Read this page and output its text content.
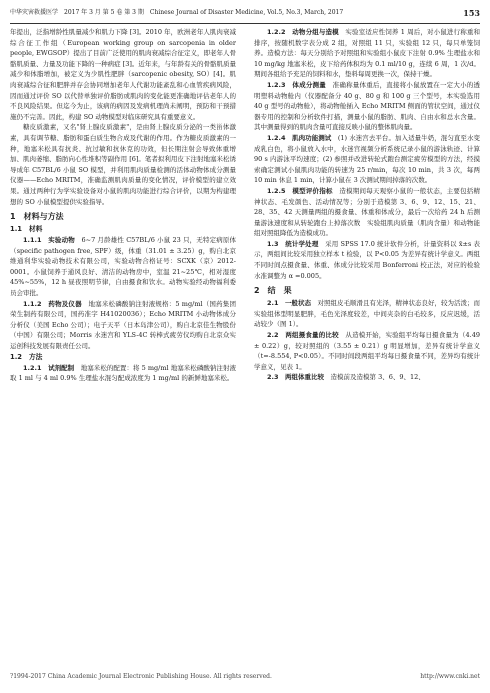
中华灾害救援医学　2017 年 3 月 第 5 卷 第 3 期　Chinese Journal of Disaster Medicine, Vol.5, No.3, March, 2017	153

年提出，泛指增龄性肌量减少和肌力下降 [3]。2010 年，欧洲老年人肌肉衰减综合征工作组（European working group on sarcopenia in older people, EWGSOP）提出了目前广泛使用的肌肉衰减综合征定义，即老年人骨骼肌质量、力量及功能下降的一种病症 [3]。近年来，与年龄有关的骨骼肌质量减少和体脂增加，被定义为少肌性肥胖（sarcopenic obesity, SO）[4]。肌肉衰减综合征和肥胖并存会协同增加老年人代谢功能紊乱和心血管疾病风险，因而通过评价 SO 以代替单独评价脂肪或肌肉的变化能更准确地评估老年人的不良风险结果。但迄今为止，该病的病因及发病机理尚未阐明，预防和干预措施仍不完善。因此，构建 SO 动物模型对临床研究具有重要意义。

糖皮质激素，又名"肾上腺皮质激素"，是由肾上腺皮质分泌的一类甾体激素，具有调节糖、脂肪和蛋白质生物合成及代谢的作用。作为糖皮质激素的一种，地塞米松具有抗炎、抗过敏和抗休克的功效，但长期注射会导致体重增加、肌肉萎缩、脂肪向心性堆积等副作用 [6]。笔者拟利用皮下注射地塞米松诱导成年 C57BL/6 小鼠 SO 模型，并利用肌肉质量检测的活体动物体成分测量仪器——Echo MRITM，准确监测肌肉质量的变化情况，评价模型的建立效果。通过两种行为学实验设备对小鼠的肌肉功能进行综合评价，以期为构建理想的 SO 小鼠模型提供实验指导。

1　材料与方法
1.1　材料

1.1.1　实验动物　6~7 月龄雄性 C57BL/6 小鼠 23 只，无特定病原体（specific pathogen free, SPF）级，体重（31.01 ± 3.25）g，购自北京维通利华实验动物技术有限公司，实验动物合格证号：SCXK（京）2012-0001。小鼠饲养于通风良好、清洁的动物房中，室温 21~25℃，相对湿度 45%~55%，12 h 昼夜照明节律，自由摄食和饮水。动物实验经动物福利委员会审批。

1.1.2　药物及仪器　地塞米松磷酸钠注射液规格：5 mg/ml（国药集团荣生制药有限公司，国药准字 H41020036）；Echo MRITM 小动物体成分分析仪（美国 Echo 公司）；电子天平（日本岛津公司），购自北京佳生物股份（中国）有限公司；Morris 水迷宫和 YLS-4C 转棒式疲劳仪均购自北京众实运创科技发展有限责任公司。

1.2　方法

1.2.1　试剂配制　地塞米松的配置：将 5 mg/ml 地塞米松磷酸钠注射液取 1 ml 与 4 ml 0.9% 生理盐水混匀配成浓度为 1 mg/ml 的新鲜地塞米松。

1.2.2　动物分组与造模　实验室适应性饲养 1 周后，对小鼠进行称重和排序，按随机数字表分成 2 组，对照组 11 只，实验组 12 只，每只单笼饲养。造模方法：每天分别给予对照组和实验组小鼠皮下注射 0.9% 生理盐水和 10 mg/kg 地塞米松，皮下给药体积均为 0.1 ml/10 g，连续 6 周，1 次/d。期间各组给予充足的饲料和水，垫料每周更换一次，保持干燥。

1.2.3　体成分测量　准确称量体重后，直接将小鼠放置在一定大小的透明塑料动物舱内（仪器配备分 40 g、80 g 和 100 g 三个型号，本实验选用 40 g 型号的动物舱），将动物舱插入 Echo MRITM 侧面的管状空间，通过仪器专用的控制和分析软件打描，测量小鼠的脂肪、肌肉、自由水和总水含量。其中测量得到的肌肉含量可直接反映小鼠的整体肌肉量。

1.2.4　肌肉功能测试　(1) 水迷宫去平台。加入适量牛奶，混匀直至水变成乳白色，将小鼠放入水中，水迷宫视频分析系统记录小鼠的游泳轨迹、计算 90 s 内游泳平均速度；(2) 参照并改进转轮式跑台测定疲劳模型的方法，经摸索确定测试小鼠肌肉功能的转速为 25 r/min，每次 10 min，共 3 次，每两 10 min 休息 1 min，计算小鼠在 3 次测试期间掉落的次数。

1.2.5　模型评价指标　造模期间每天观察小鼠的一般状态，主要包括精神状态、毛发颜色、活动情况等；分别于造模第 3、6、9、12、15、21、28、35、42 天测量两组的摄食量、体重和体成分，最后一次给药 24 h 后测量游泳速度和从转轮跑台上掉落次数　实验组肌肉质量（肌肉含量）和动物能组对照组降低为造模成功。

1.3　统计学处理　采用 SPSS 17.0 统计软件分析，计量资料以 x̄±s 表示，两组间比较采用独立样本 t 检验，以 P<0.05 为差异有统计学意义。两组不同时间点摄食量、体重、体成分比较采用 Bonferroni 校正法，对应的检验水准调整为 α =0.005。

2　结　果

2.1　一般状态　对照组皮毛顺滑且有光泽，精神状态良好，较为活泼；而实验组体型明显肥胖，毛色光泽度较差，中间夹杂的白毛较多，反应迟缓，活动较少（图 1）。

2.2　两组摄食量的比较　从造模开始，实验组平均每日摄食量为（4.49 ± 0.22）g，较对照组的（3.55 ± 0.21）g 明显增加，差异有统计学意义（t=-8.554, P<0.05）。不同时间段两组平均每日摄食量不同，差异均有统计学意义，见表 1。

2.3　两组体重比较　造模前及造模第 3、6、9、12、

?1994-2017 China Academic Journal Electronic Publishing House. All rights reserved.	http://www.cnki.net
